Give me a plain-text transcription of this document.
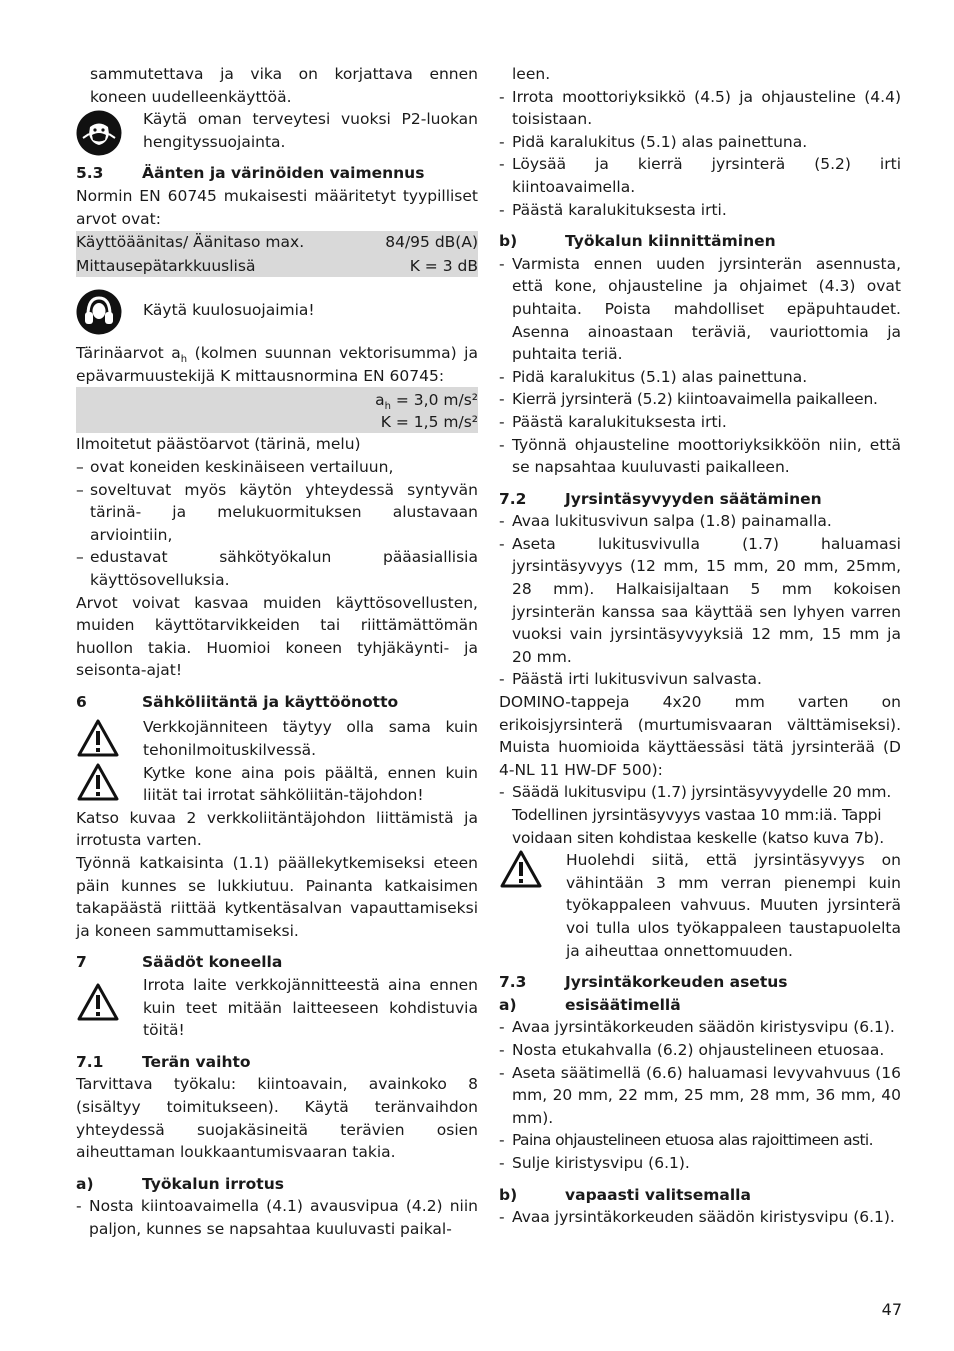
sammutettava ja vika on korjattava ennen koneen uudelleenkäyttöä.

Käytä oman terveytesi vuoksi P2-luokan hengityssuojainta.

5.3 Äänten ja värinöiden vaimennus

Normin EN 60745 mukaisesti määritetyt tyypilliset arvot ovat:

Käyttöäänitas/ Äänitaso max.	84/95 dB(A)
Mittausepätarkkuuslisä	K = 3 dB

Käytä kuulosuojaimia!

Tärinäarvot $a_h$ (kolmen suunnan vektorisumma) ja epävarmuustekijä K mittausnormina EN 60745:

$a_h = 3,0$ m/s²
K = 1,5 m/s²

Ilmoitetut päästöarvot (tärinä, melu)

– ovat koneiden keskinäiseen vertailuun,
– soveltuvat myös käytön yhteydessä syntyvän tärinä- ja melukuormituksen alustavaan arviointiin,
– edustavat sähkötyökalun pääasiallisia käyttösovelluksia.

Arvot voivat kasvaa muiden käyttösovellusten, muiden käyttötarvikkeiden tai riittämättömän huollon takia. Huomioi koneen tyhjäkäynti- ja seisonta-ajat!

6	Sähköliitäntä ja käyttöönotto

Verkkojänniteen täytyy olla sama kuin tehonilmoituskilvessä.

Kytke kone aina pois päältä, ennen kuin liität tai irrotat sähköliitän-täjohdon!

Katso kuvaa 2 verkkoliitäntäjohdon liittämistä ja irrotusta varten.

Työnnä katkaisinta (1.1) päällekytkemiseksi eteen päin kunnes se lukkiutuu. Painanta katkaisimen takapäästä riittää kytkentäsalvan vapauttamiseksi ja koneen sammuttamiseksi.

7	Säädöt koneella

Irrota laite verkkojännitteestä aina ennen kuin teet mitään laitteeseen kohdistuvia töitä!

7.1 Terän vaihto

Tarvittava työkalu: kiintoavain, avainkoko 8 (sisältyy toimitukseen). Käytä teränvaihdon yhteydessä suojakäsineitä terävien osien aiheuttaman loukkaantumisvaaran takia.

a)	Työkalun irrotus

- Nosta kiintoavaimella (4.1) avausvipua (4.2) niin paljon, kunnes se napsahtaa kuuluvasti paikal-

leen.

- Irrota moottoriyksikkö (4.5) ja ohjausteline (4.4) toisistaan.
- Pidä karalukitus (5.1) alas painettuna.
- Löysää ja kierrä jyrsinterä (5.2) irti kiintoavaimella.
- Päästä karalukituksesta irti.

b)	Työkalun kiinnittäminen

- Varmista ennen uuden jyrsinterän asennusta, että kone, ohjausteline ja ohjaimet (4.3) ovat puhtaita. Poista mahdolliset epäpuhtaudet. Asenna ainoastaan teräviä, vauriottomia ja puhtaita teriä.
- Pidä karalukitus (5.1) alas painettuna.
- Kierrä jyrsinterä (5.2) kiintoavaimella paikalleen.
- Päästä karalukituksesta irti.
- Työnnä ohjausteline moottoriyksikköön niin, että se napsahtaa kuuluvasti paikalleen.

7.2 Jyrsintäsyvyyden säätäminen

- Avaa lukitusvivun salpa (1.8) painamalla.
- Aseta lukitusvivulla (1.7) haluamasi jyrsintäsyvyys (12 mm, 15 mm, 20 mm, 25mm, 28 mm). Halkaisijaltaan 5 mm kokoisen jyrsinterän kanssa saa käyttää sen lyhyen varren vuoksi vain jyrsintäsyvyyksiä 12 mm, 15 mm ja 20 mm.
- Päästä irti lukitusvivun salvasta.

DOMINO-tappeja 4x20 mm varten on erikoisjyrsinterä (murtumisvaaran välttämiseksi). Muista huomioida käyttäessäsi tätä jyrsinterää (D 4-NL 11 HW-DF 500):

- Säädä lukitusvipu (1.7) jyrsintäsyvyydelle 20 mm. Todellinen jyrsintäsyvyys vastaa 10 mm:iä. Tappi voidaan siten kohdistaa keskelle (katso kuva 7b).

Huolehdi siitä, että jyrsintäsyvyys on vähintään 3 mm verran pienempi kuin työkappaleen vahvuus. Muuten jyrsinterä voi tulla ulos työkappaleen taustapuolelta ja aiheuttaa onnettomuuden.

7.3 Jyrsintäkorkeuden asetus

a)	esisäätimellä

- Avaa jyrsintäkorkeuden säädön kiristysvipu (6.1).
- Nosta etukahvalla (6.2) ohjaustelineen etuosaa.
- Aseta säätimellä (6.6) haluamasi levyvahvuus (16 mm, 20 mm, 22 mm, 25 mm, 28 mm, 36 mm, 40 mm).
- Paina ohjaustelineen etuosa alas rajoittimeen asti.
- Sulje kiristysvipu (6.1).

b)	vapaasti valitsemalla

- Avaa jyrsintäkorkeuden säädön kiristysvipu (6.1).
47
